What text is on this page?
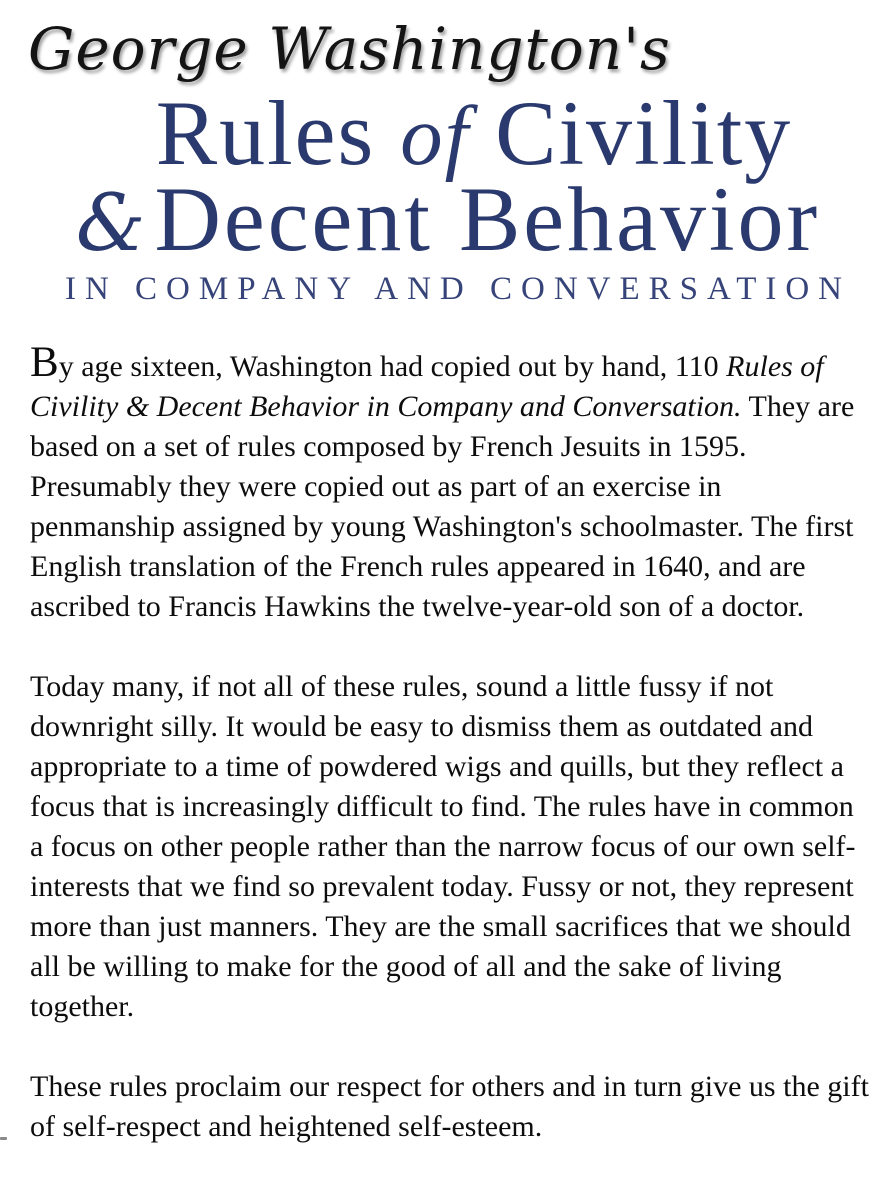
George Washington's
Rules of Civility
&Decent Behavior
IN COMPANY AND CONVERSATION

By age sixteen, Washington had copied out by hand, 110 Rules of Civility & Decent Behavior in Company and Conversation. They are based on a set of rules composed by French Jesuits in 1595. Presumably they were copied out as part of an exercise in penmanship assigned by young Washington's schoolmaster. The first English translation of the French rules appeared in 1640, and are ascribed to Francis Hawkins the twelve-year-old son of a doctor.

Today many, if not all of these rules, sound a little fussy if not downright silly. It would be easy to dismiss them as outdated and appropriate to a time of powdered wigs and quills, but they reflect a focus that is increasingly difficult to find. The rules have in common a focus on other people rather than the narrow focus of our own self-interests that we find so prevalent today. Fussy or not, they represent more than just manners. They are the small sacrifices that we should all be willing to make for the good of all and the sake of living together.

These rules proclaim our respect for others and in turn give us the gift of self-respect and heightened self-esteem.
